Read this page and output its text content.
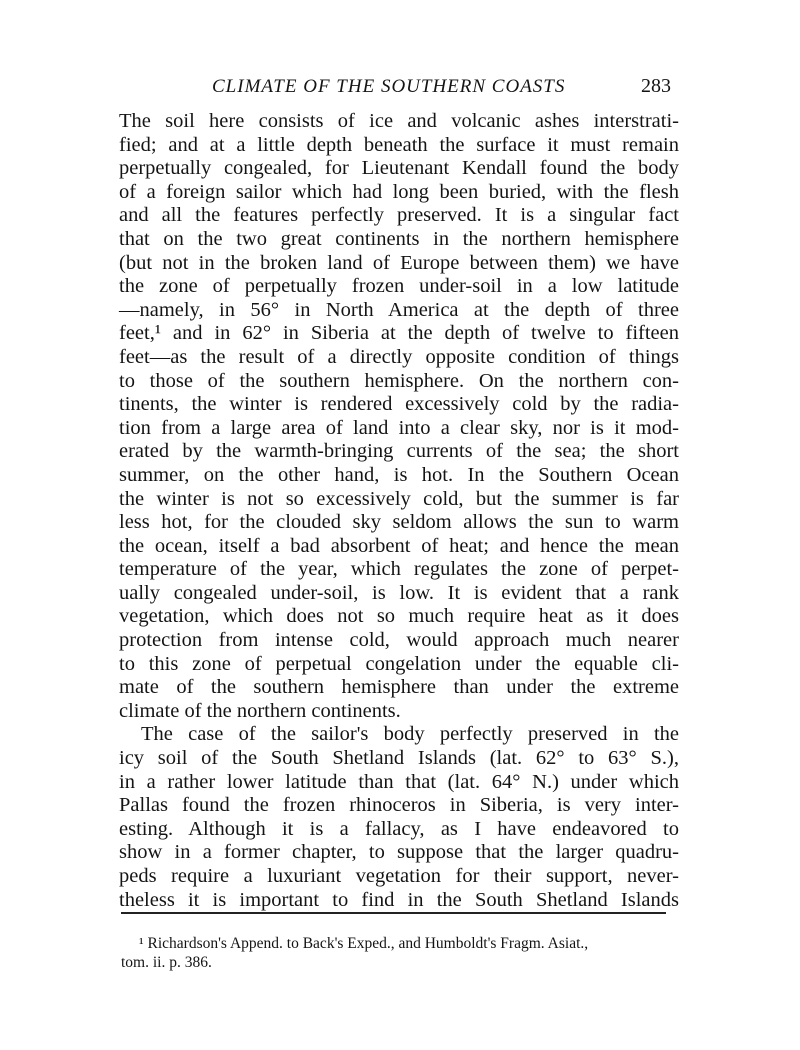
CLIMATE OF THE SOUTHERN COASTS	283
The soil here consists of ice and volcanic ashes interstrati-
fied; and at a little depth beneath the surface it must remain
perpetually congealed, for Lieutenant Kendall found the body
of a foreign sailor which had long been buried, with the flesh
and all the features perfectly preserved. It is a singular fact
that on the two great continents in the northern hemisphere
(but not in the broken land of Europe between them) we have
the zone of perpetually frozen under-soil in a low latitude
—namely, in 56° in North America at the depth of three
feet,¹ and in 62° in Siberia at the depth of twelve to fifteen
feet—as the result of a directly opposite condition of things
to those of the southern hemisphere. On the northern con-
tinents, the winter is rendered excessively cold by the radia-
tion from a large area of land into a clear sky, nor is it mod-
erated by the warmth-bringing currents of the sea; the short
summer, on the other hand, is hot. In the Southern Ocean
the winter is not so excessively cold, but the summer is far
less hot, for the clouded sky seldom allows the sun to warm
the ocean, itself a bad absorbent of heat; and hence the mean
temperature of the year, which regulates the zone of perpet-
ually congealed under-soil, is low. It is evident that a rank
vegetation, which does not so much require heat as it does
protection from intense cold, would approach much nearer
to this zone of perpetual congelation under the equable cli-
mate of the southern hemisphere than under the extreme
climate of the northern continents.
The case of the sailor's body perfectly preserved in the
icy soil of the South Shetland Islands (lat. 62° to 63° S.),
in a rather lower latitude than that (lat. 64° N.) under which
Pallas found the frozen rhinoceros in Siberia, is very inter-
esting. Although it is a fallacy, as I have endeavored to
show in a former chapter, to suppose that the larger quadru-
peds require a luxuriant vegetation for their support, never-
theless it is important to find in the South Shetland Islands
¹ Richardson's Append. to Back's Exped., and Humboldt's Fragm. Asiat.,
tom. ii. p. 386.
